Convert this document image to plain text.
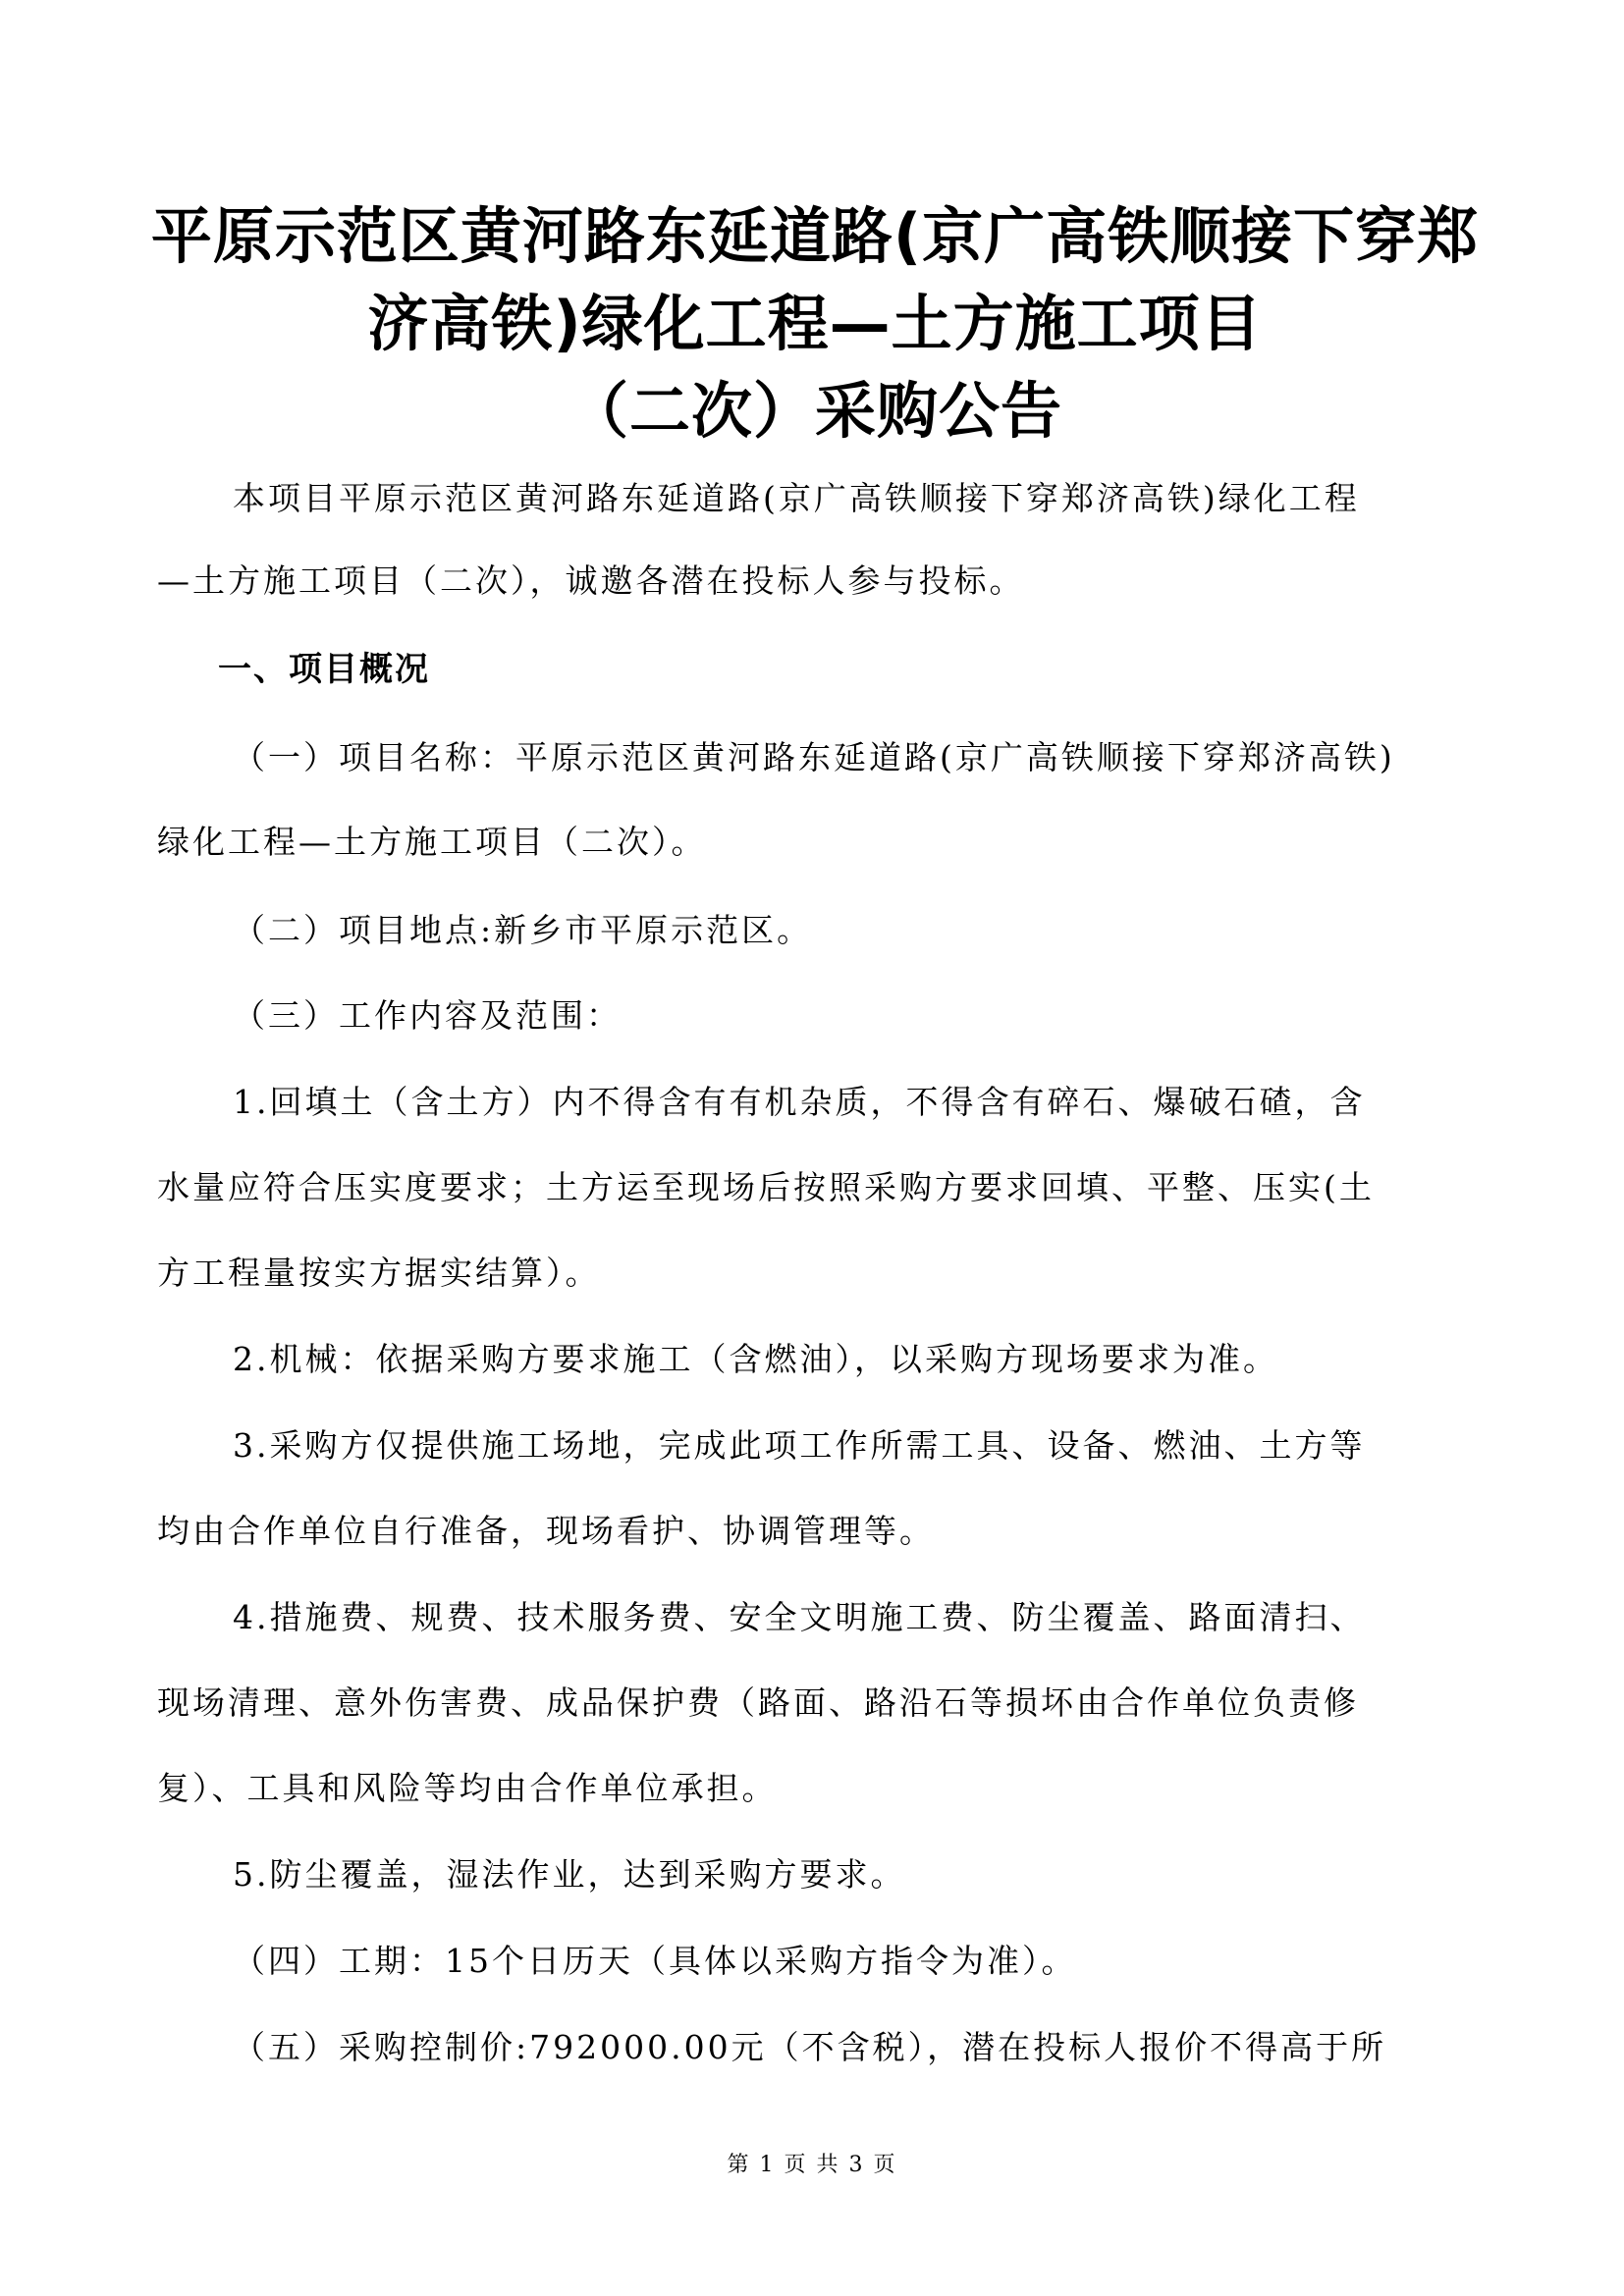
平原示范区黄河路东延道路(京广高铁顺接下穿郑
济高铁)绿化工程—土方施工项目
（二次）采购公告
本项目平原示范区黄河路东延道路(京广高铁顺接下穿郑济高铁)绿化工程
—土方施工项目（二次），诚邀各潜在投标人参与投标。
一、项目概况
（一）项目名称：平原示范区黄河路东延道路(京广高铁顺接下穿郑济高铁)
绿化工程—土方施工项目（二次）。
（二）项目地点:新乡市平原示范区。
（三）工作内容及范围：
1.回填土（含土方）内不得含有有机杂质，不得含有碎石、爆破石碴，含
水量应符合压实度要求；土方运至现场后按照采购方要求回填、平整、压实(土
方工程量按实方据实结算）。
2.机械：依据采购方要求施工（含燃油），以采购方现场要求为准。
3.采购方仅提供施工场地，完成此项工作所需工具、设备、燃油、土方等
均由合作单位自行准备，现场看护、协调管理等。
4.措施费、规费、技术服务费、安全文明施工费、防尘覆盖、路面清扫、
现场清理、意外伤害费、成品保护费（路面、路沿石等损坏由合作单位负责修
复）、工具和风险等均由合作单位承担。
5.防尘覆盖，湿法作业，达到采购方要求。
（四）工期：15个日历天（具体以采购方指令为准）。
（五）采购控制价:792000.00元（不含税），潜在投标人报价不得高于所
第 1 页 共 3 页
